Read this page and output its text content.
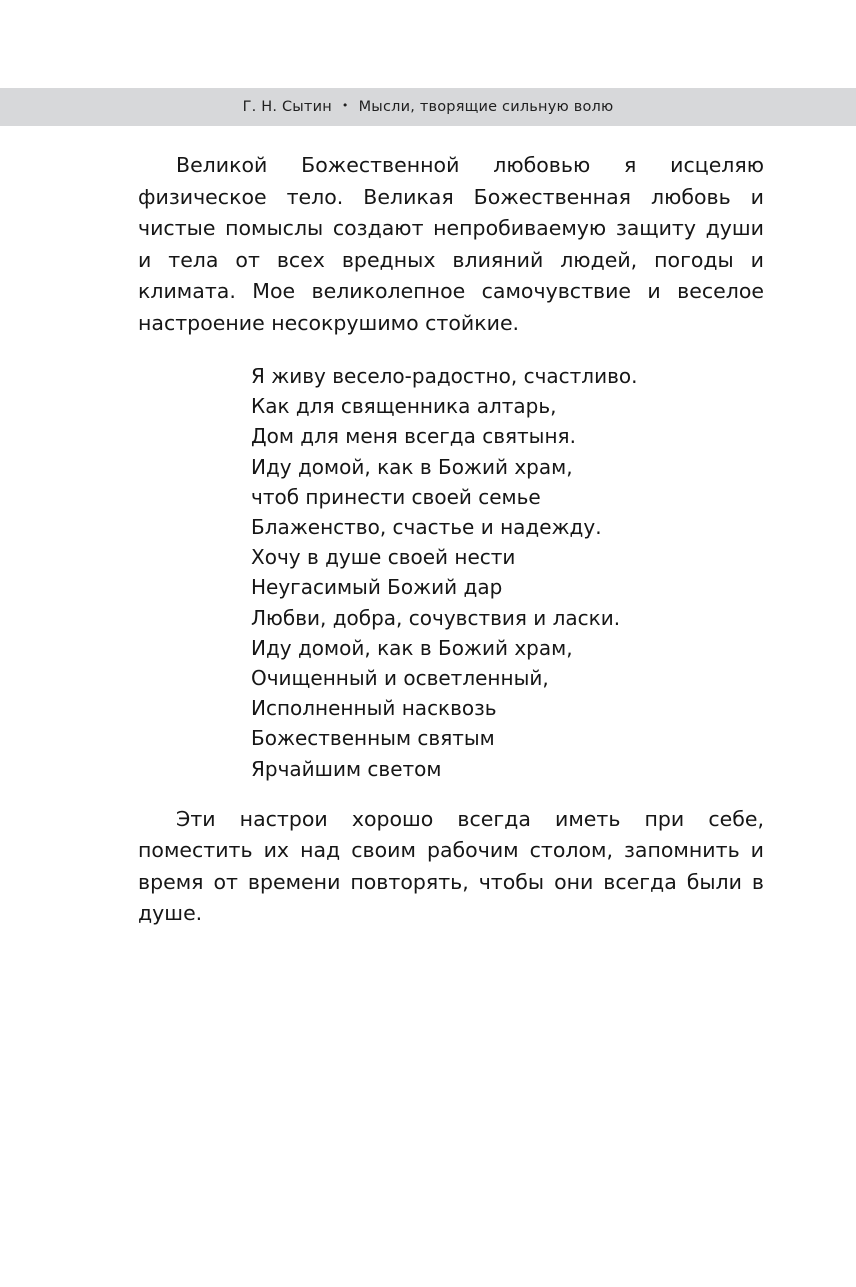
Г. Н. Сытин • Мысли, творящие сильную волю

Великой Божественной любовью я исцеляю физическое тело. Великая Божественная любовь и чистые помыслы создают непробиваемую защиту души и тела от всех вредных влияний людей, погоды и климата. Мое великолепное самочувствие и веселое настроение несокрушимо стойкие.

Я живу весело-радостно, счастливо.
Как для священника алтарь,
Дом для меня всегда святыня.
Иду домой, как в Божий храм,
чтоб принести своей семье
Блаженство, счастье и надежду.
Хочу в душе своей нести
Неугасимый Божий дар
Любви, добра, сочувствия и ласки.
Иду домой, как в Божий храм,
Очищенный и осветленный,
Исполненный насквозь
Божественным святым
Ярчайшим светом

Эти настрои хорошо всегда иметь при себе, поместить их над своим рабочим столом, запомнить и время от времени повторять, чтобы они всегда были в душе.
